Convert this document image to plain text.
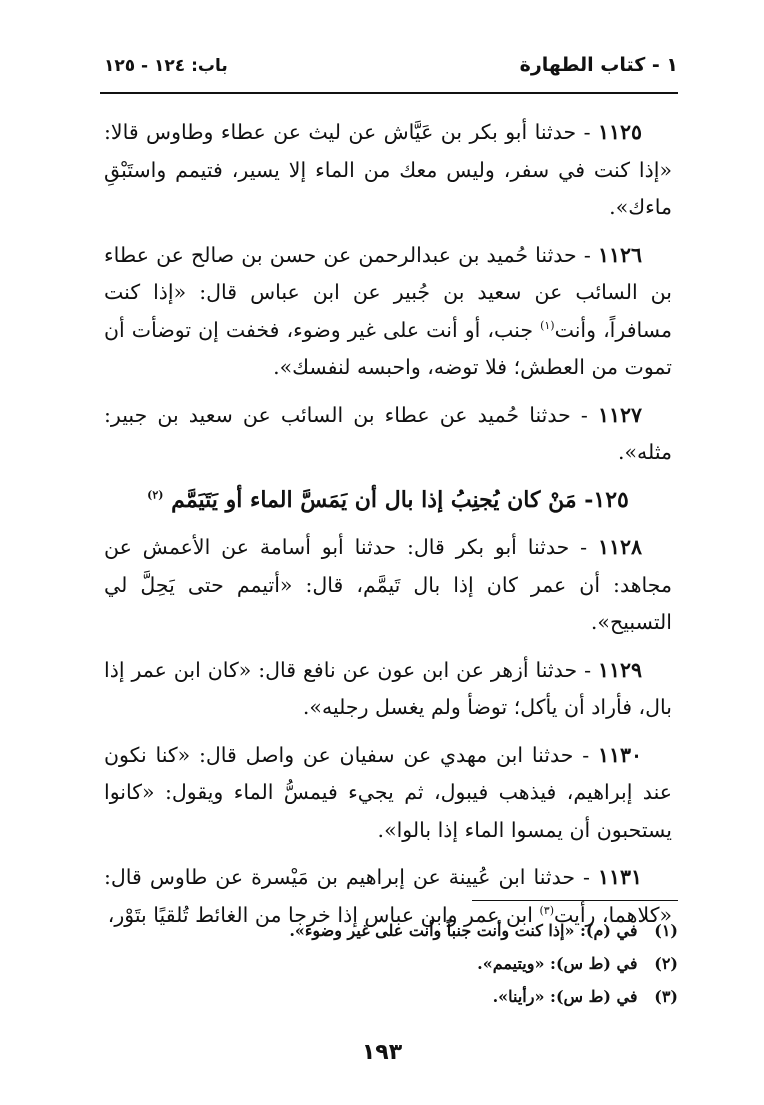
١ - كتاب الطهارة
باب: ١٢٤ - ١٢٥

١١٢٥ - حدثنا أبو بكر بن عَيَّاش عن ليث عن عطاء وطاوس قالا: «إذا كنت في سفر، وليس معك من الماء إلا يسير، فتيمم واستَبْقِ ماءك».

١١٢٦ - حدثنا حُميد بن عبدالرحمن عن حسن بن صالح عن عطاء بن السائب عن سعيد بن جُبير عن ابن عباس قال: «إذا كنت مسافراً، وأنت$^{(١)}$ جنب، أو أنت على غير وضوء، فخفت إن توضأت أن تموت من العطش؛ فلا توضه، واحبسه لنفسك».

١١٢٧ - حدثنا حُميد عن عطاء بن السائب عن سعيد بن جبير: مثله».

١٢٥- مَنْ كان يُجنِبُ إذا بال أن يَمَسَّ الماء أو يَتَيَمَّم $^{(٢)}$

١١٢٨ - حدثنا أبو بكر قال: حدثنا أبو أسامة عن الأعمش عن مجاهد: أن عمر كان إذا بال تَيمَّم، قال: «أتيمم حتى يَحِلَّ لي التسبيح».

١١٢٩ - حدثنا أزهر عن ابن عون عن نافع قال: «كان ابن عمر إذا بال، فأراد أن يأكل؛ توضأ ولم يغسل رجليه».

١١٣٠ - حدثنا ابن مهدي عن سفيان عن واصل قال: «كنا نكون عند إبراهيم، فيذهب فيبول، ثم يجيء فيمسُّ الماء ويقول: «كانوا يستحبون أن يمسوا الماء إذا بالوا».

١١٣١ - حدثنا ابن عُيينة عن إبراهيم بن مَيْسرة عن طاوس قال: «كلاهما، رأيت$^{(٣)}$ ابن عمر وابن عباس إذا خرجا من الغائط تُلقيًا بتَوْر،

(١)   في (م): «إذا كنت وأنت جنباً وأنت على غير وضوء».

(٢)   في (ط س): «ويتيمم».

(٣)   في (ط س): «رأينا».

١٩٣
